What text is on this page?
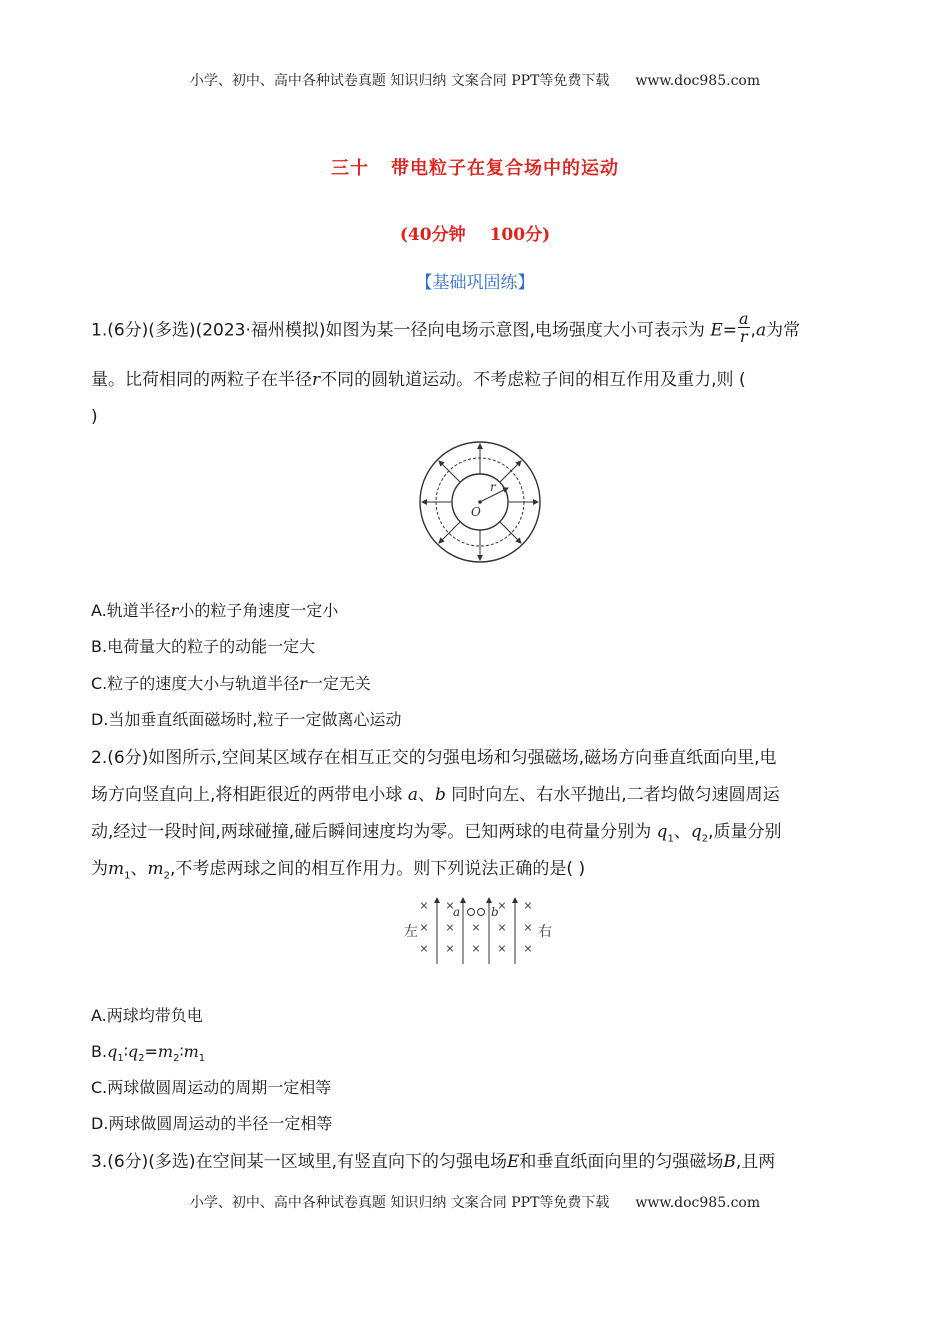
小学、初中、高中各种试卷真题 知识归纳 文案合同 PPT等免费下载 www.doc985.com
三十 带电粒子在复合场中的运动
(40分钟 100分)
【基础巩固练】
1.(6分)(多选)(2023·福州模拟)如图为某一径向电场示意图,电场强度大小可表示为 $E= \frac{a}{r} ,a$为常
量。比荷相同的两粒子在半径r不同的圆轨道运动。不考虑粒子间的相互作用及重力,则 (
)
r
O
A.轨道半径r小的粒子角速度一定小
B.电荷量大的粒子的动能一定大
C.粒子的速度大小与轨道半径r一定无关
D.当加垂直纸面磁场时,粒子一定做离心运动
2.(6分)如图所示,空间某区域存在相互正交的匀强电场和匀强磁场,磁场方向垂直纸面向里,电
场方向竖直向上,将相距很近的两带电小球 a、b 同时向左、右水平抛出,二者均做匀速圆周运
动,经过一段时间,两球碰撞,碰后瞬间速度均为零。已知两球的电荷量分别为 $q_1$、$q_2$,质量分别
为$m_1$、$m_2$,不考虑两球之间的相互作用力。则下列说法正确的是( )
× ×	× ×
× × × × ×
× × × × ×
a	b
左	右
A.两球均带负电
$B.q_1∶q_2=m_2∶m_1$
C.两球做圆周运动的周期一定相等
D.两球做圆周运动的半径一定相等
3.(6分)(多选)在空间某一区域里,有竖直向下的匀强电场E和垂直纸面向里的匀强磁场B,且两
小学、初中、高中各种试卷真题 知识归纳 文案合同 PPT等免费下载 www.doc985.com
